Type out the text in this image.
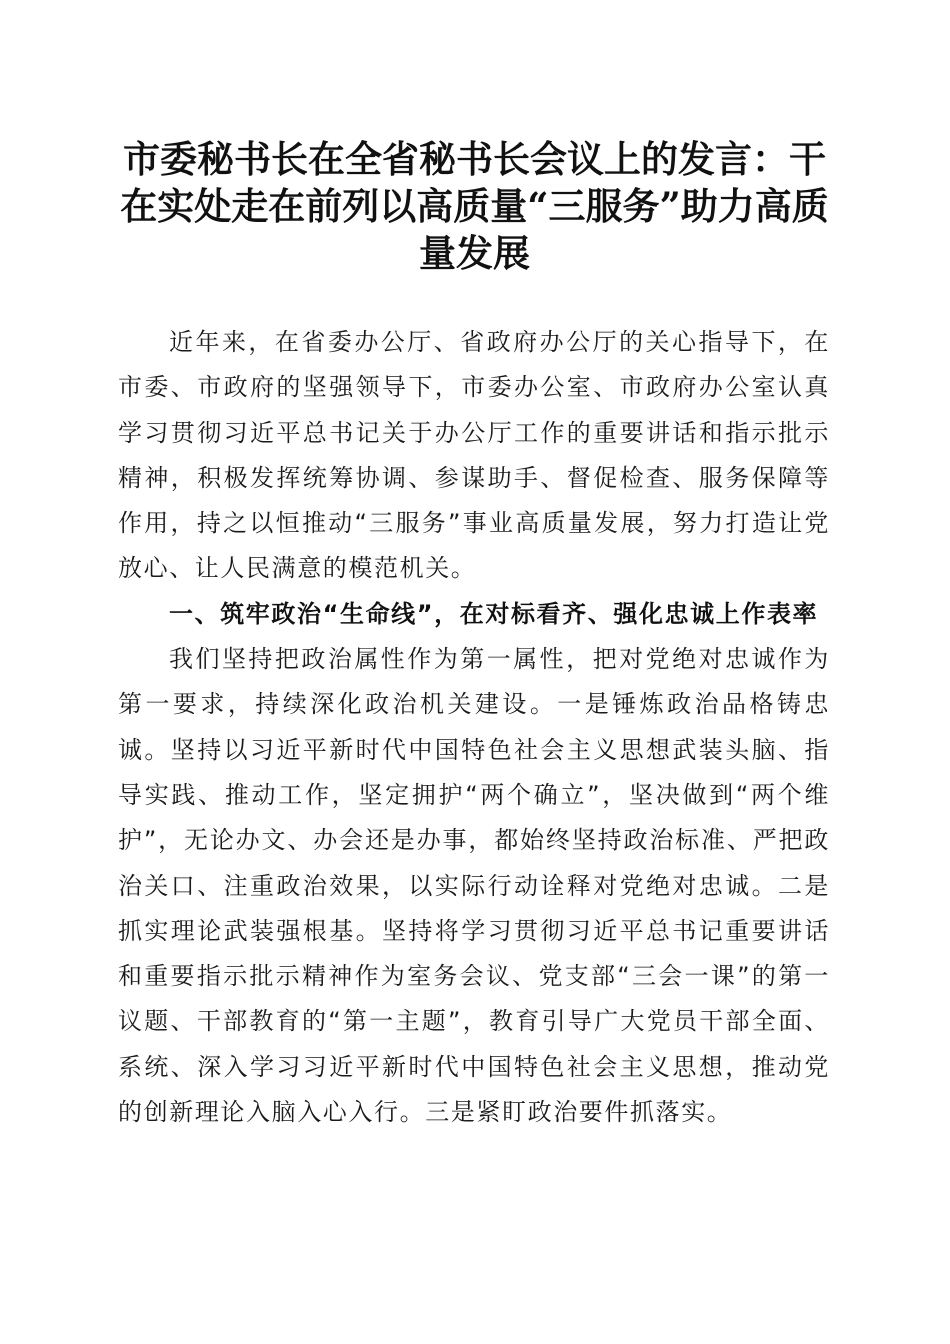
市委秘书长在全省秘书长会议上的发言：干在实处走在前列以高质量“三服务”助力高质量发展

近年来，在省委办公厅、省政府办公厅的关心指导下，在市委、市政府的坚强领导下，市委办公室、市政府办公室认真学习贯彻习近平总书记关于办公厅工作的重要讲话和指示批示精神，积极发挥统筹协调、参谋助手、督促检查、服务保障等作用，持之以恒推动“三服务”事业高质量发展，努力打造让党放心、让人民满意的模范机关。

一、筑牢政治“生命线”，在对标看齐、强化忠诚上作表率

我们坚持把政治属性作为第一属性，把对党绝对忠诚作为第一要求，持续深化政治机关建设。一是锤炼政治品格铸忠诚。坚持以习近平新时代中国特色社会主义思想武装头脑、指导实践、推动工作，坚定拥护“两个确立”，坚决做到“两个维护”，无论办文、办会还是办事，都始终坚持政治标准、严把政治关口、注重政治效果，以实际行动诠释对党绝对忠诚。二是抓实理论武装强根基。坚持将学习贯彻习近平总书记重要讲话和重要指示批示精神作为室务会议、党支部“三会一课”的第一议题、干部教育的“第一主题”，教育引导广大党员干部全面、系统、深入学习习近平新时代中国特色社会主义思想，推动党的创新理论入脑入心入行。三是紧盯政治要件抓落实。
